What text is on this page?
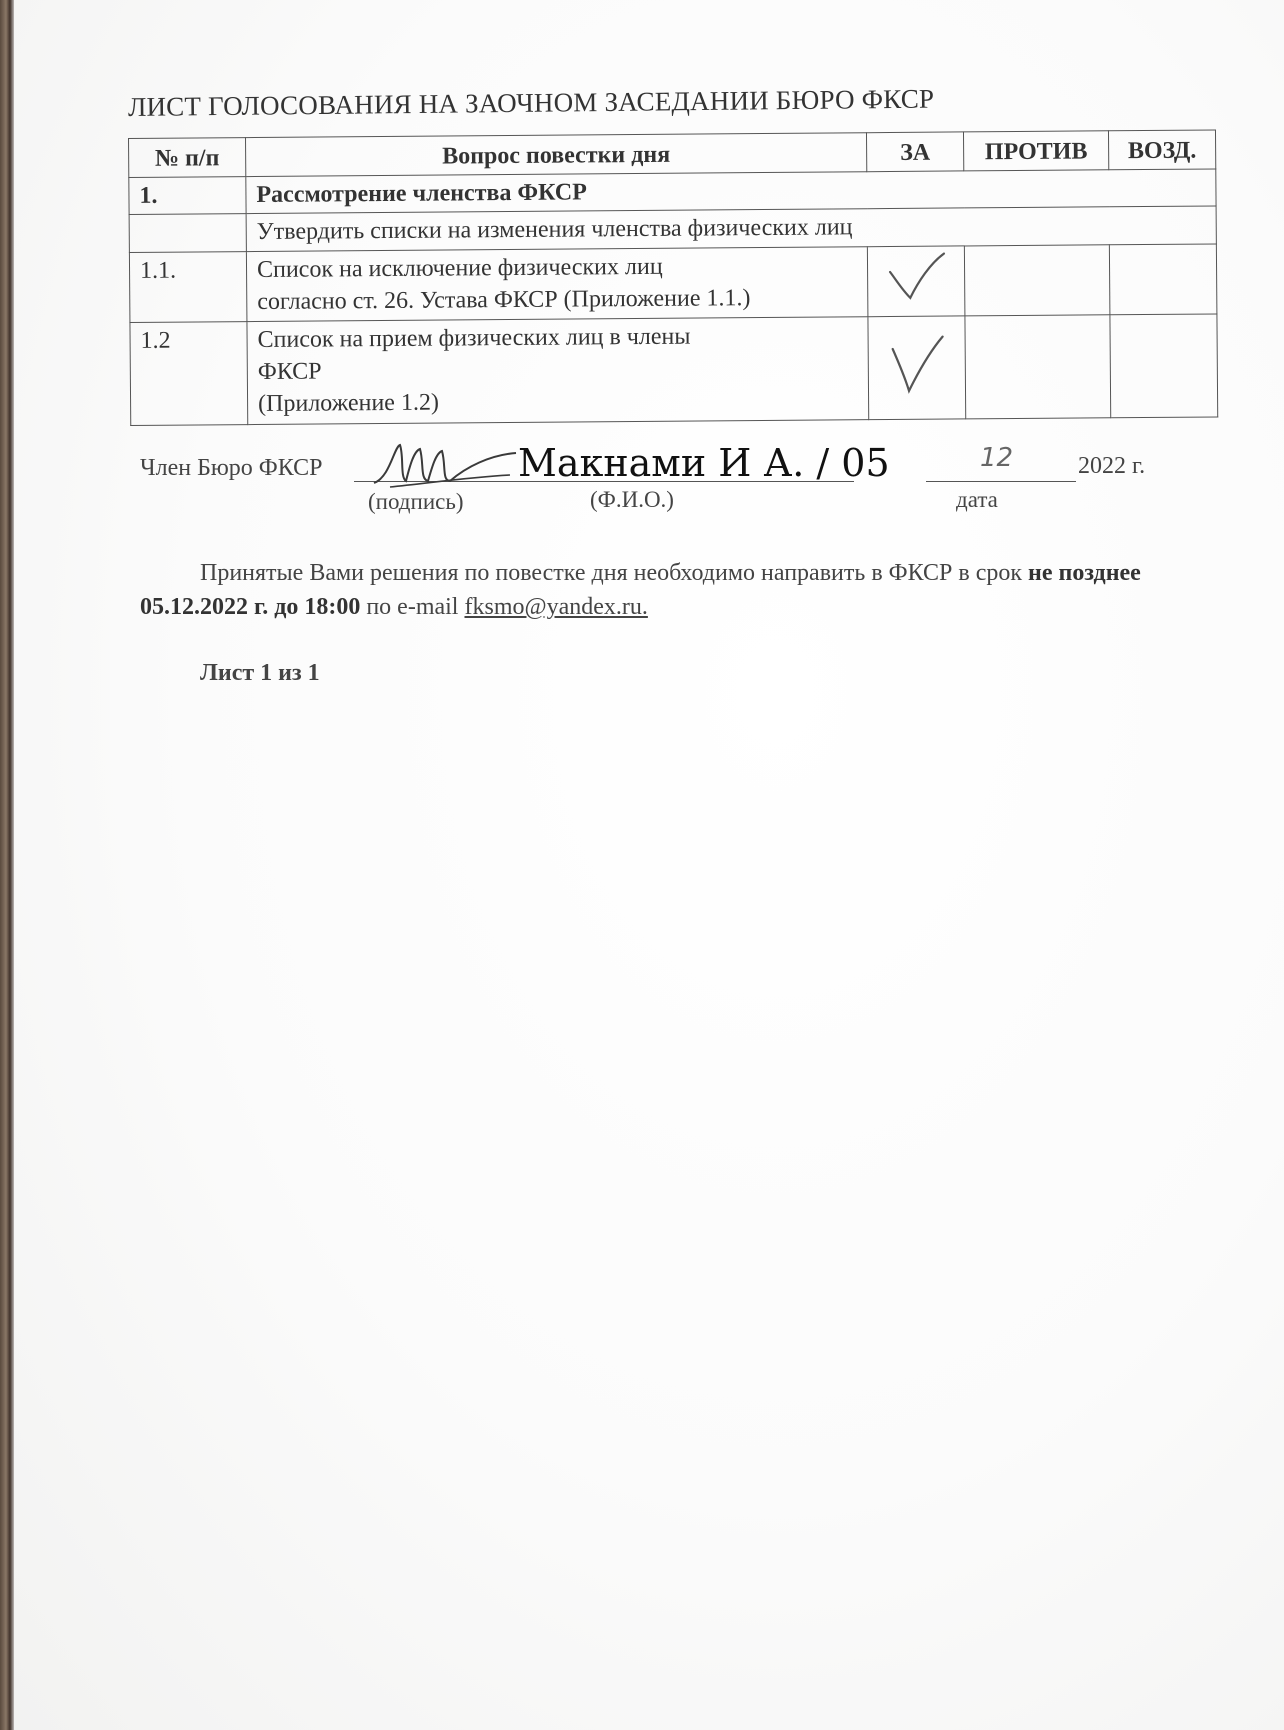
ЛИСТ ГОЛОСОВАНИЯ НА ЗАОЧНОМ ЗАСЕДАНИИ БЮРО ФКСР
№ п/п	Вопрос повестки дня	ЗА	ПРОТИВ	ВОЗД.
1.	Рассмотрение членства ФКСР			
	Утвердить списки на изменения членства физических лиц			
1.1.	Список на исключение физических лиц
согласно ст. 26. Устава ФКСР (Приложение 1.1.)

1.2	Список на прием физических лиц в члены
ФКСР
(Приложение 1.2)

Член Бюро ФКСР	Макнами И А. / 05	12	2022 г.
(подпись)	(Ф.И.О.)	дата
Принятые Вами решения по повестке дня необходимо направить в ФКСР в срок не позднее 05.12.2022 г. до 18:00 по e-mail fksmo@yandex.ru.
Лист 1 из 1
